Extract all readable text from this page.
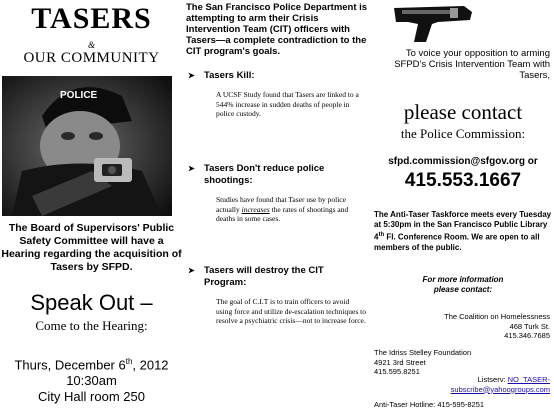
TASERS
&
OUR COMMUNITY
POLICE
The Board of Supervisors' Public Safety Committee will have a Hearing regarding the acquisition of Tasers by SFPD.
Speak Out –
Come to the Hearing:
Thurs, December 6th, 2012
10:30am
City Hall room 250
The San Francisco Police Department is attempting to arm their Crisis Intervention Team (CIT) officers with Tasers—a complete contradiction to the CIT program's goals.
➤ Tasers Kill:
A UCSF Study found that Tasers are linked to a 544% increase in sudden deaths of people in police custody.
➤ Tasers Don't reduce police shootings:
Studies have found that Taser use by police actually increases the rates of shootings and deaths in some cases.
➤ Tasers will destroy the CIT Program:
The goal of C.I.T is to train officers to avoid using force and utilize de-escalation techniques to resolve a psychiatric crisis—not to increase force.
To voice your opposition to arming SFPD's Crisis Intervention Team with Tasers,
please contact
the Police Commission:
sfpd.commission@sfgov.org or
415.553.1667
The Anti-Taser Taskforce meets every Tuesday at 5:30pm in the San Francisco Public Library 4th Fl. Conference Room. We are open to all members of the public.
For more information
please contact:
The Coalition on Homelessness
468 Turk St.
415.346.7685
The Idriss Stelley Foundation
4921 3rd Street
415.595.8251
Listserv: NO_TASER-
subscribe@yahoogroups.com
Anti-Taser Hotline: 415-595-8251
